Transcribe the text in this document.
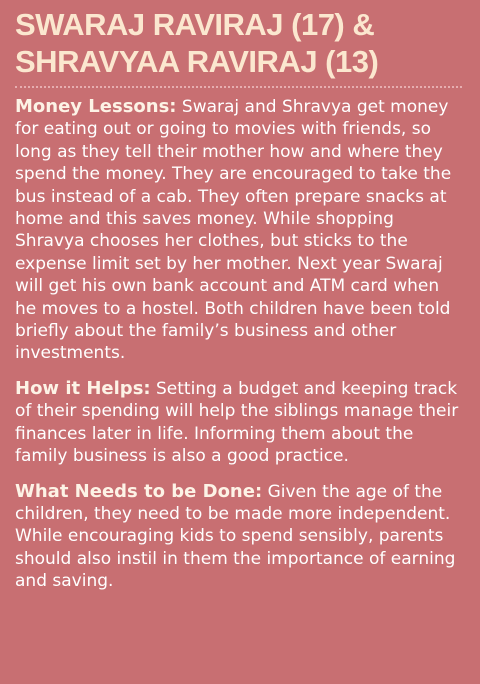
SWARAJ RAVIRAJ (17) &
SHRAVYAA RAVIRAJ (13)

Money Lessons: Swaraj and Shravya get money for eating out or going to movies with friends, so long as they tell their mother how and where they spend the money. They are encouraged to take the bus instead of a cab. They often prepare snacks at home and this saves money. While shopping Shravya chooses her clothes, but sticks to the expense limit set by her mother. Next year Swaraj will get his own bank account and ATM card when he moves to a hostel. Both children have been told briefly about the family’s business and other investments.

How it Helps: Setting a budget and keeping track of their spending will help the siblings manage their finances later in life. Informing them about the family business is also a good practice.

What Needs to be Done: Given the age of the children, they need to be made more independent. While encouraging kids to spend sensibly, parents should also instil in them the importance of earning and saving.
